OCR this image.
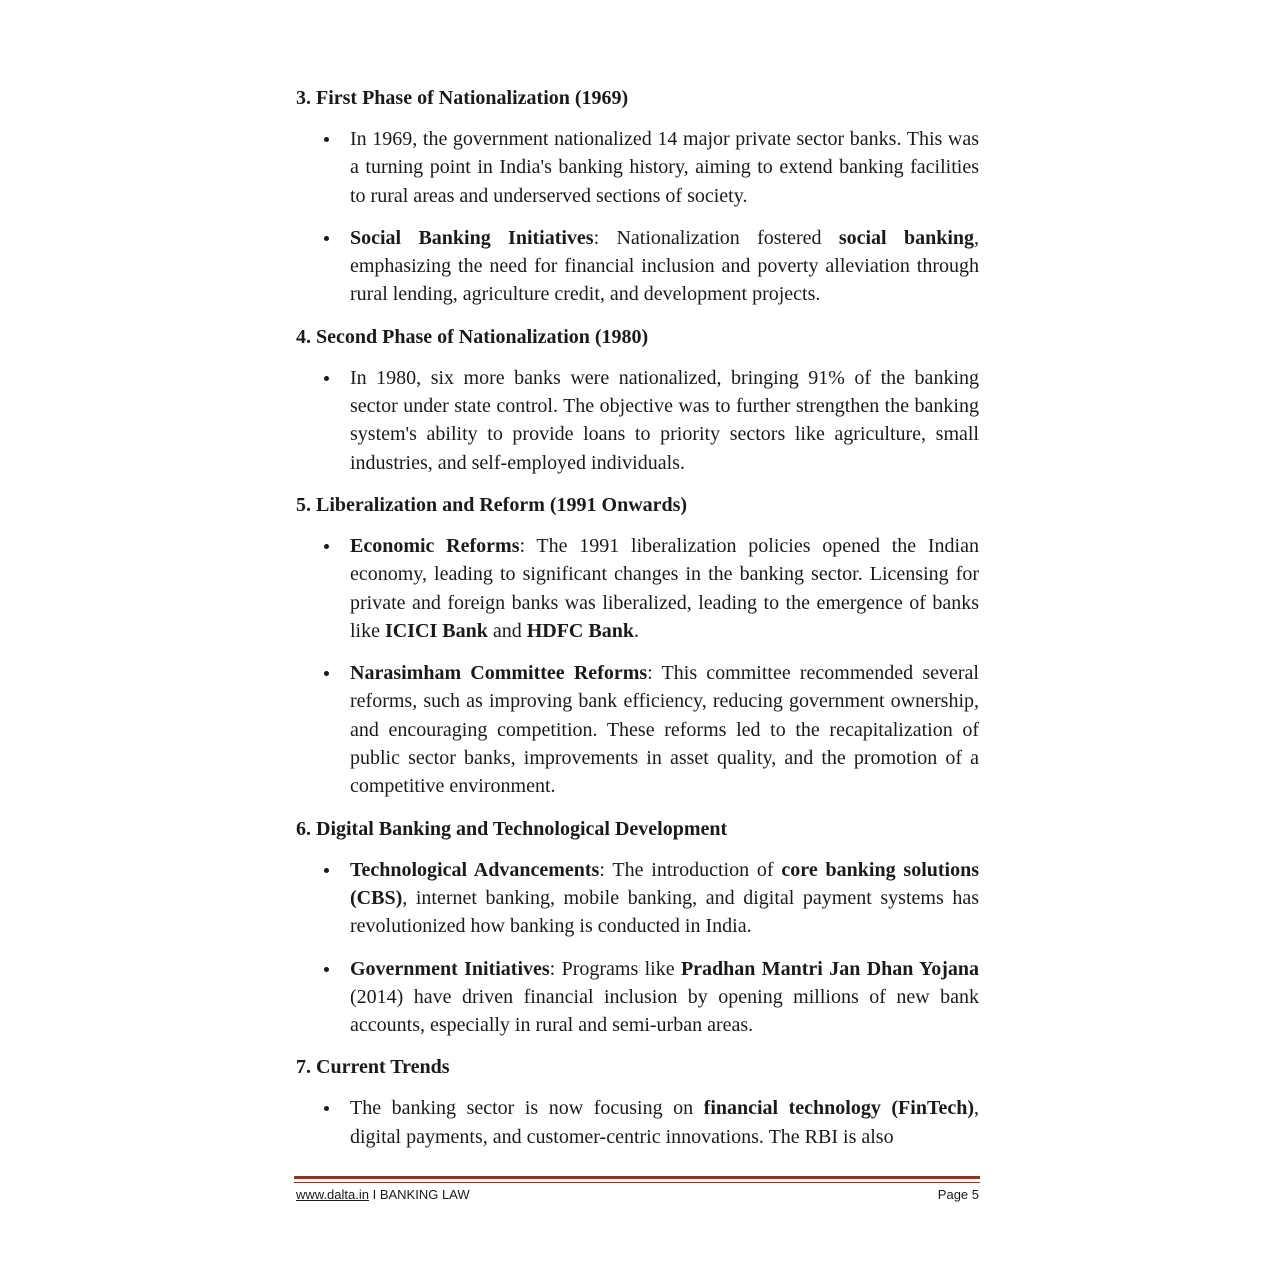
3. First Phase of Nationalization (1969)
In 1969, the government nationalized 14 major private sector banks. This was a turning point in India's banking history, aiming to extend banking facilities to rural areas and underserved sections of society.
Social Banking Initiatives: Nationalization fostered social banking, emphasizing the need for financial inclusion and poverty alleviation through rural lending, agriculture credit, and development projects.
4. Second Phase of Nationalization (1980)
In 1980, six more banks were nationalized, bringing 91% of the banking sector under state control. The objective was to further strengthen the banking system's ability to provide loans to priority sectors like agriculture, small industries, and self-employed individuals.
5. Liberalization and Reform (1991 Onwards)
Economic Reforms: The 1991 liberalization policies opened the Indian economy, leading to significant changes in the banking sector. Licensing for private and foreign banks was liberalized, leading to the emergence of banks like ICICI Bank and HDFC Bank.
Narasimham Committee Reforms: This committee recommended several reforms, such as improving bank efficiency, reducing government ownership, and encouraging competition. These reforms led to the recapitalization of public sector banks, improvements in asset quality, and the promotion of a competitive environment.
6. Digital Banking and Technological Development
Technological Advancements: The introduction of core banking solutions (CBS), internet banking, mobile banking, and digital payment systems has revolutionized how banking is conducted in India.
Government Initiatives: Programs like Pradhan Mantri Jan Dhan Yojana (2014) have driven financial inclusion by opening millions of new bank accounts, especially in rural and semi-urban areas.
7. Current Trends
The banking sector is now focusing on financial technology (FinTech), digital payments, and customer-centric innovations. The RBI is also
www.dalta.in I BANKING LAW	Page 5
